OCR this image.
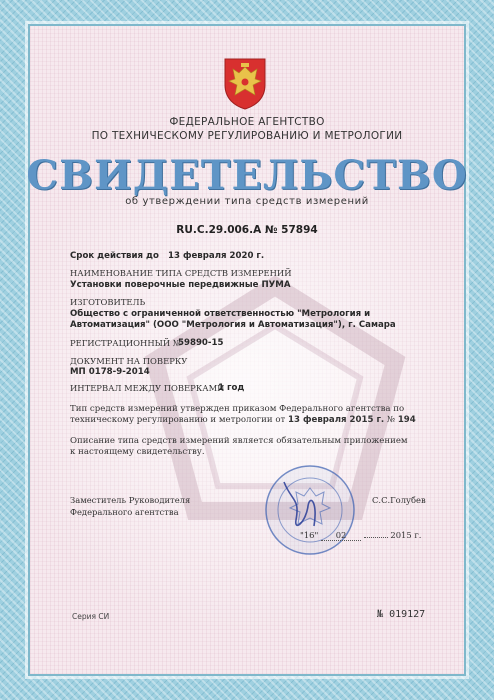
ФЕДЕРАЛЬНОЕ АГЕНТСТВО
ПО ТЕХНИЧЕСКОМУ РЕГУЛИРОВАНИЮ И МЕТРОЛОГИИ
СВИДЕТЕЛЬСТВО
об утверждении типа средств измерений
RU.C.29.006.A № 57894
Срок действия до 13 февраля 2020 г.
НАИМЕНОВАНИЕ ТИПА СРЕДСТВ ИЗМЕРЕНИЙ
Установки поверочные передвижные ПУМА
ИЗГОТОВИТЕЛЬ
Общество с ограниченной ответственностью "Метрология и
Автоматизация" (ООО "Метрология и Автоматизация"), г. Самара
РЕГИСТРАЦИОННЫЙ №
59890-15
ДОКУМЕНТ НА ПОВЕРКУ
МП 0178-9-2014
ИНТЕРВАЛ МЕЖДУ ПОВЕРКАМИ
1 год
Тип средств измерений утвержден приказом Федерального агентства по
техническому регулированию и метрологии от 13 февраля 2015 г. № 194
Описание типа средств измерений является обязательным приложением
к настоящему свидетельству.
Заместитель Руководителя
Федерального агентства
С.С.Голубев
"16" 02	2015 г.
Серия СИ	№ 019127
